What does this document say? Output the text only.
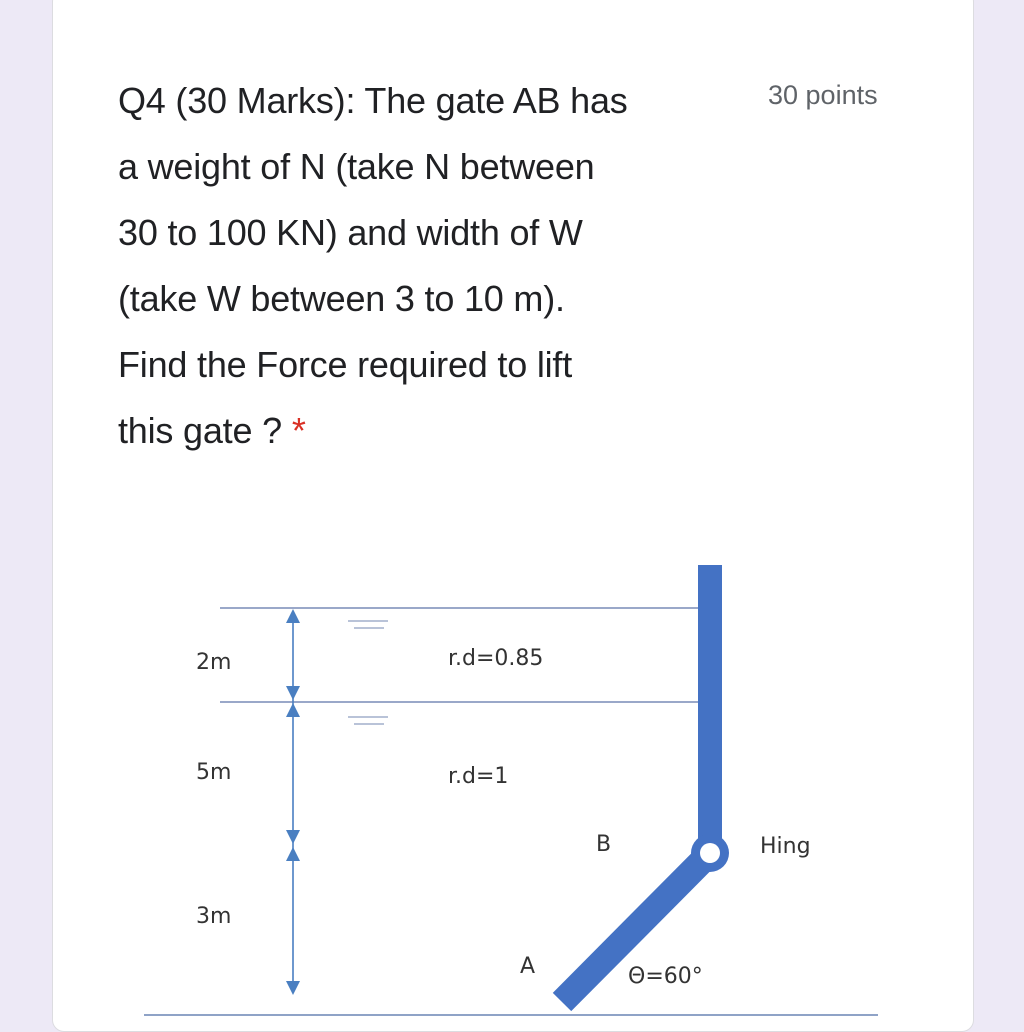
Q4 (30 Marks): The gate AB has
a weight of N (take N between
30 to 100 KN) and width of W
(take W between 3 to 10 m).
Find the Force required to lift
this gate ? *
30 points
2m
5m
3m
r.d=0.85
r.d=1
B
A
Hing
Θ=60°
